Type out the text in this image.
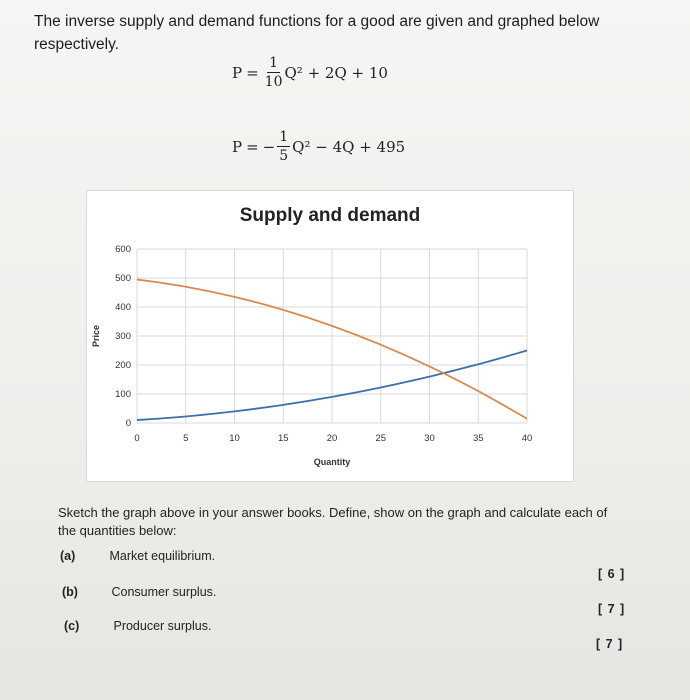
The inverse supply and demand functions for a good are given and graphed below respectively.
$P = \frac{1}{10} Q^2 + 2Q + 10$
P = − $\frac{1}{5} Q^2 - 4Q + 495$
Supply and demand
0
100
200
300
400
500
600
0	5	10	15	20	25	30	35	40
Quantity
Price
Sketch the graph above in your answer books. Define, show on the graph and calculate each of the quantities below:
(a)	Market equilibrium.
[ 6 ]
(b)	Consumer surplus.
[ 7 ]
(c)	Producer surplus.
[ 7 ]
